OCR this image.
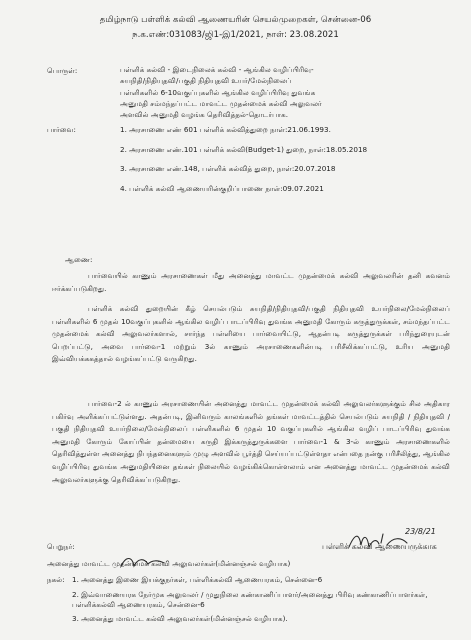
தமிழ்நாடு பள்ளிக் கல்வி ஆணையரின் செயல்முறைகள், சென்னை-06
ந.க.எண்:031083/ஜி1-இ1/2021, நாள்: 23.08.2021
பொருள்:	பள்ளிக் கல்வி - இடைநிலைக் கல்வி - ஆங்கில வழிப்பிரிவு-
சுயநிதி/நிதியுதவி/பகுதி நிதியுதவி உயர்/மேல்நிலைப்
பள்ளிகளில் 6-10வகுப்புகளில் ஆங்கில வழிப்பிரிவு துவங்க
அனுமதி சம்மந்தப்பட்ட மாவட்ட முதன்மைக் கல்வி அலுவலர்
அளவில் அனுமதி வழங்க தெரிவித்தல்-தொடர்பாக.
பார்வை:	1. அரசாணை எண் 601 பள்ளிக் கல்வித்துறை நாள்:21.06.1993.
2. அரசாணை எண்.101 பள்ளிக் கல்வி(Budget-1) துறை, நாள்:18.05.2018
3. அரசாணை எண்.148, பள்ளிக் கல்வித் துறை, நாள்:20.07.2018
4. பள்ளிக் கல்வி ஆணையரின்குறிப்பாணை நாள்:09.07.2021
ஆணை:
பார்வையில் காணும் அரசாணைகள் மீது அனைத்து மாவட்ட முதன்மைக் கல்வி அலுவலரின் தனி கவனம் ஈர்க்கப்படுகிறது.
பள்ளிக் கல்வி துறையின் கீழ் செயல்படும் சுயநிதி/நிதியுதவி/பகுதி நிதியுதவி உயர்நிலை/மேல்நிலைப் பள்ளிகளில் 6 முதல் 10வகுப்புகளில் ஆங்கில வழிப் பாடப்பிரிவு துவங்க அனுமதி கோரும் கருத்துருக்கள், சம்மந்தப்பட்ட முதன்மைக் கல்வி அலுவலர்களால், சார்ந்த பள்ளியை பார்வையிட்டு, ஆதன்படி கருத்துருக்கள் பரிந்துரையுடன் பெறப்பட்டு, அவை பார்வை-1 மற்றும் 3ல் காணும் அரசாணைகளின்படி பரிசீலிக்கப்பட்டு, உரிய அனுமதி இவ்வியக்ககத்தால் வழங்கப்பட்டு வருகிறது.
பார்வை-2 ல் காணும் அரசாணையின் அனைத்து மாவட்ட முதன்மைக் கல்வி அலுவலர்களுக்கும் சில அதிகார பகிர்வு அளிக்கப்பட்டுள்ளது. அதன்படி, இனிவரும் காலங்களில் தங்கள் மாவட்டத்தில் செயல்படும் சுயநிதி / நிதியுதவி / பகுதி நிதியுதவி உயர்நிலை/மேல்நிலைப் பள்ளிகளில் 6 முதல் 10 வகுப்புகளில் ஆங்கில வழிப் பாடப்பிரிவு துவங்க அனுமதி கோரும் கோப்பின் தன்மையை கருதி இக்கருத்துருக்களை பார்வை-1 & 3-ல் காணும் அரசாணைகளில் தெரிவித்துள்ள அனைத்து நிபந்தனைகளும் முழு அளவில் பூர்த்தி செய்யப்பட்டுள்ளதா என்பதை நன்கு பரிசீலித்து, ஆங்கில வழிப்பிரிவு துவங்க அனுமதியினை தங்கள் நிலையில் வழங்கிக்கொள்ளலாம் என அனைத்து மாவட்ட முதன்மைக் கல்வி அலுவலர்களுக்கு தெரிவிக்கப்படுகிறது.
23/8/21
பள்ளிக் கல்வி ஆணையருக்காக
பெறுநர்:
அனைத்து மாவட்ட முதன்மைக் கல்வி அலுவலர்கள்(மின்னஞ்சல் வழியாக)
நகல்: 1. அனைத்து இணை இயக்குநர்கள், பள்ளிக்கல்வி ஆணையரகம், சென்னை-6
2. இவ்வாணையரக நேர்முக அலுவலர் / முதுநிலை கண்காணிப்பாளர்/அனைத்து பிரிவு கண்காணிப்பாளர்கள், பள்ளிக்கல்வி ஆணையரகம், சென்னை-6
3. அனைத்து மாவட்ட கல்வி அலுவலர்கள்(மின்னஞ்சல் வழியாக).
